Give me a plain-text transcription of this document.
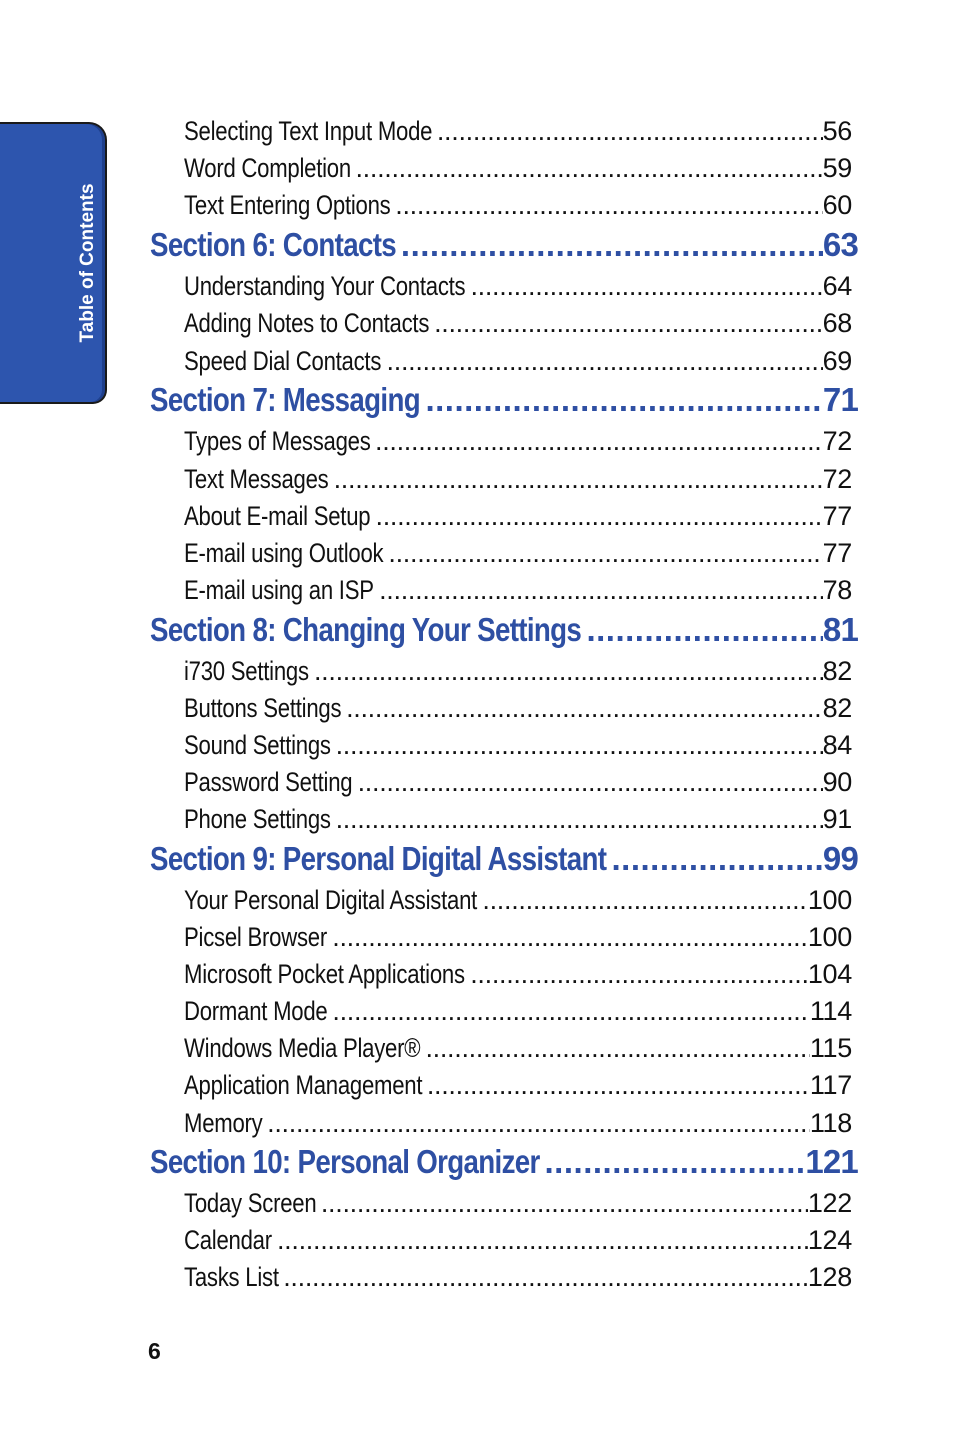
Table of Contents
Selecting Text Input Mode .....	56
Word Completion .....	59
Text Entering Options .....	60
Section 6: Contacts .....	63
Understanding Your Contacts .....	64
Adding Notes to Contacts .....	68
Speed Dial Contacts .....	69
Section 7: Messaging .....	71
Types of Messages .....	72
Text Messages .....	72
About E-mail Setup .....	77
E-mail using Outlook .....	77
E-mail using an ISP .....	78
Section 8: Changing Your Settings .....	81
i730 Settings .....	82
Buttons Settings .....	82
Sound Settings .....	84
Password Setting .....	90
Phone Settings .....	91
Section 9: Personal Digital Assistant .....	99
Your Personal Digital Assistant .....	100
Picsel Browser .....	100
Microsoft Pocket Applications .....	104
Dormant Mode .....	114
Windows Media Player® .....	115
Application Management .....	117
Memory .....	118
Section 10: Personal Organizer .....	121
Today Screen .....	122
Calendar .....	124
Tasks List .....	128
6
